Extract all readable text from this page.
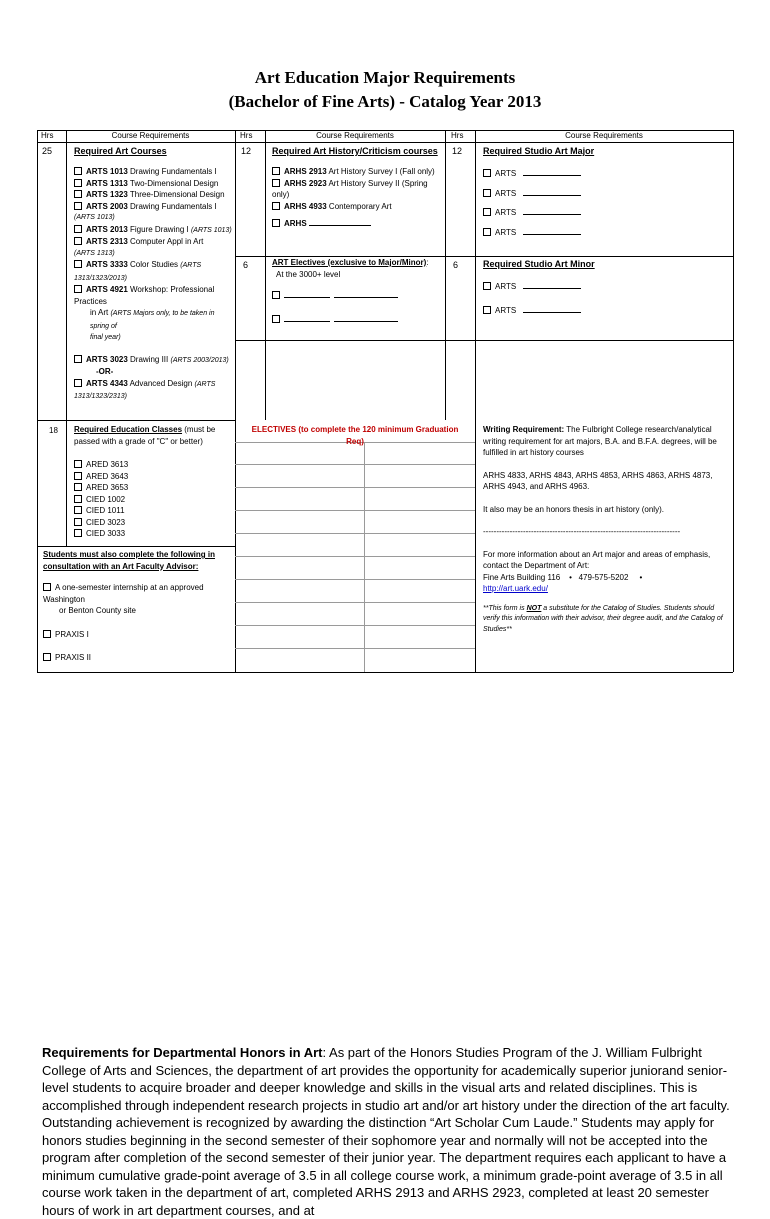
Art Education Major Requirements
(Bachelor of Fine Arts) - Catalog Year 2013
Hrs	Course Requirements	Hrs	Course Requirements	Hrs	Course Requirements
25 Required Art Courses
ARTS 1013 Drawing Fundamentals I
ARTS 1313 Two-Dimensional Design
ARTS 1323 Three-Dimensional Design
ARTS 2003 Drawing Fundamentals I
(ARTS 1013)
ARTS 2013 Figure Drawing I (ARTS 1013)
ARTS 2313 Computer Appl in Art
(ARTS 1313)
ARTS 3333 Color Studies (ARTS 1313/1323/2013)
ARTS 4921 Workshop: Professional Practices
in Art (ARTS Majors only, to be taken in spring of
final year)
ARTS 3023 Drawing III (ARTS 2003/2013)
-OR-
ARTS 4343 Advanced Design (ARTS 1313/1323/2313)
18 Required Education Classes (must be passed with a grade of "C" or better)
ARED 3613
ARED 3643
ARED 3653
CIED 1002
CIED 1011
CIED 3023
CIED 3033
Students must also complete the following in consultation with an Art Faculty Advisor:
A one-semester internship at an approved
Washington
or Benton County site
PRAXIS I
PRAXIS II
12 Required Art History/Criticism courses
ARHS 2913 Art History Survey I (Fall only)
ARHS 2923 Art History Survey II (Spring only)
ARHS 4933 Contemporary Art
ARHS
6	ART Electives (exclusive to Major/Minor):
At the 3000+ level

ELECTIVES (to complete the 120 minimum Graduation Req)
12 Required Studio Art Major
ARTS
ARTS
ARTS
ARTS
6	Required Studio Art Minor
ARTS
ARTS

Writing Requirement: The Fulbright College research/analytical writing requirement for art majors, B.A. and B.F.A. degrees, will be fulfilled in art history courses

ARHS 4833, ARHS 4843, ARHS 4853, ARHS 4863, ARHS 4873, ARHS 4943, and ARHS 4963.

It also may be an honors thesis in art history (only).

--------------------------------------------------------------------------

For more information about an Art major and areas of emphasis, contact the Department of Art:

Fine Arts Building 116    •   479-575-5202     •

http://art.uark.edu/

**This form is NOT a substitute for the Catalog of Studies. Students should verify this information with their advisor, their degree audit, and the Catalog of Studies**

Requirements for Departmental Honors in Art: As part of the Honors Studies Program of the J. William Fulbright College of Arts and Sciences, the department of art provides the opportunity for academically superior juniorand senior-level students to acquire broader and deeper knowledge and skills in the visual arts and related disciplines. This is accomplished through independent research projects in studio art and/or art history under the direction of the art faculty. Outstanding achievement is recognized by awarding the distinction “Art Scholar Cum Laude.” Students may apply for honors studies beginning in the second semester of their sophomore year and normally will not be accepted into the program after completion of the second semester of their junior year. The department requires each applicant to have a minimum cumulative grade-point average of 3.5 in all college course work, a minimum grade-point average of 3.5 in all course work taken in the department of art, completed ARHS 2913 and ARHS 2923, completed at least 20 semester hours of work in art department courses, and at
